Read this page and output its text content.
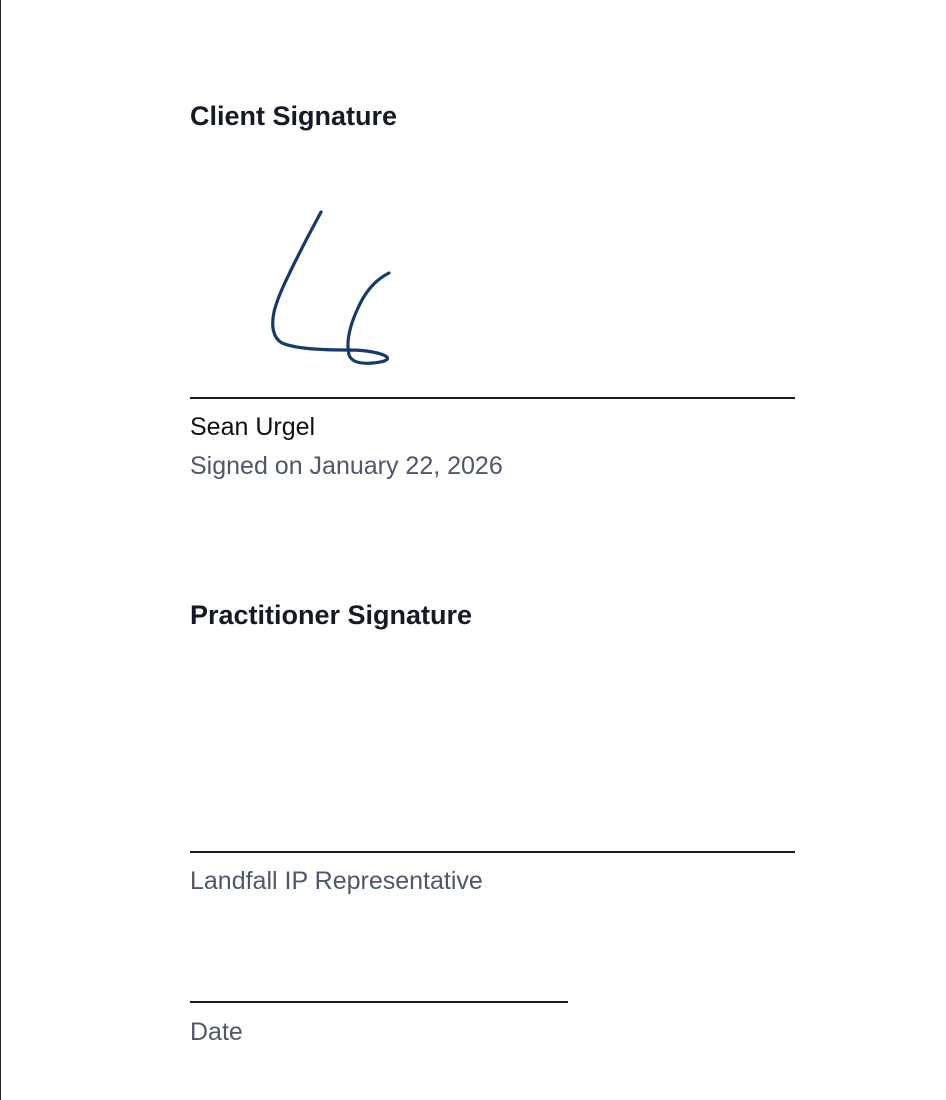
Client Signature
Sean Urgel
Signed on January 22, 2026
Practitioner Signature
Landfall IP Representative
Date
